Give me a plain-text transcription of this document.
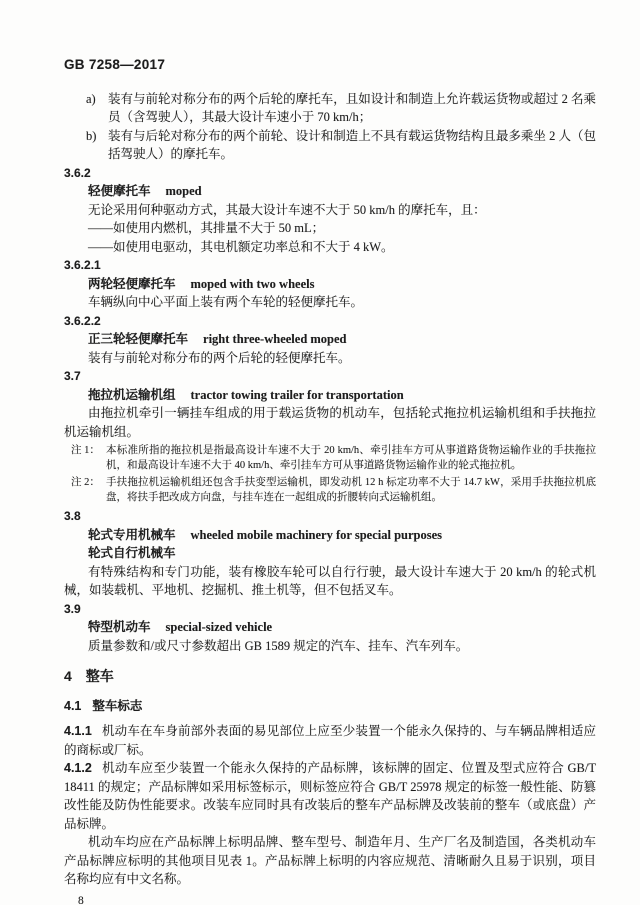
GB 7258—2017
a) 装有与前轮对称分布的两个后轮的摩托车，且如设计和制造上允许载运货物或超过 2 名乘员（含驾驶人），其最大设计车速小于 70 km/h；
b) 装有与后轮对称分布的两个前轮、设计和制造上不具有载运货物结构且最多乘坐 2 人（包括驾驶人）的摩托车。
3.6.2
轻便摩托车 moped
无论采用何种驱动方式，其最大设计车速不大于 50 km/h 的摩托车，且：
——如使用内燃机，其排量不大于 50 mL；
——如使用电驱动，其电机额定功率总和不大于 4 kW。
3.6.2.1
两轮轻便摩托车 moped with two wheels
车辆纵向中心平面上装有两个车轮的轻便摩托车。
3.6.2.2
正三轮轻便摩托车 right three-wheeled moped
装有与前轮对称分布的两个后轮的轻便摩托车。
3.7
拖拉机运输机组 tractor towing trailer for transportation
由拖拉机牵引一辆挂车组成的用于载运货物的机动车，包括轮式拖拉机运输机组和手扶拖拉机运输机组。
注 1： 本标准所指的拖拉机是指最高设计车速不大于 20 km/h、牵引挂车方可从事道路货物运输作业的手扶拖拉机，和最高设计车速不大于 40 km/h、牵引挂车方可从事道路货物运输作业的轮式拖拉机。
注 2： 手扶拖拉机运输机组还包含手扶变型运输机，即发动机 12 h 标定功率不大于 14.7 kW，采用手扶拖拉机底盘，将扶手把改成方向盘，与挂车连在一起组成的折腰转向式运输机组。
3.8
轮式专用机械车 wheeled mobile machinery for special purposes
轮式自行机械车
有特殊结构和专门功能，装有橡胶车轮可以自行行驶，最大设计车速大于 20 km/h 的轮式机械，如装载机、平地机、挖掘机、推土机等，但不包括叉车。
3.9
特型机动车 special-sized vehicle
质量参数和/或尺寸参数超出 GB 1589 规定的汽车、挂车、汽车列车。
4 整车
4.1 整车标志
4.1.1 机动车在车身前部外表面的易见部位上应至少装置一个能永久保持的、与车辆品牌相适应的商标或厂标。
4.1.2 机动车应至少装置一个能永久保持的产品标牌，该标牌的固定、位置及型式应符合 GB/T 18411 的规定；产品标牌如采用标签标示，则标签应符合 GB/T 25978 规定的标签一般性能、防篡改性能及防伪性能要求。改装车应同时具有改装后的整车产品标牌及改装前的整车（或底盘）产品标牌。
机动车均应在产品标牌上标明品牌、整车型号、制造年月、生产厂名及制造国，各类机动车产品标牌应标明的其他项目见表 1。产品标牌上标明的内容应规范、清晰耐久且易于识别，项目名称均应有中文名称。
8
